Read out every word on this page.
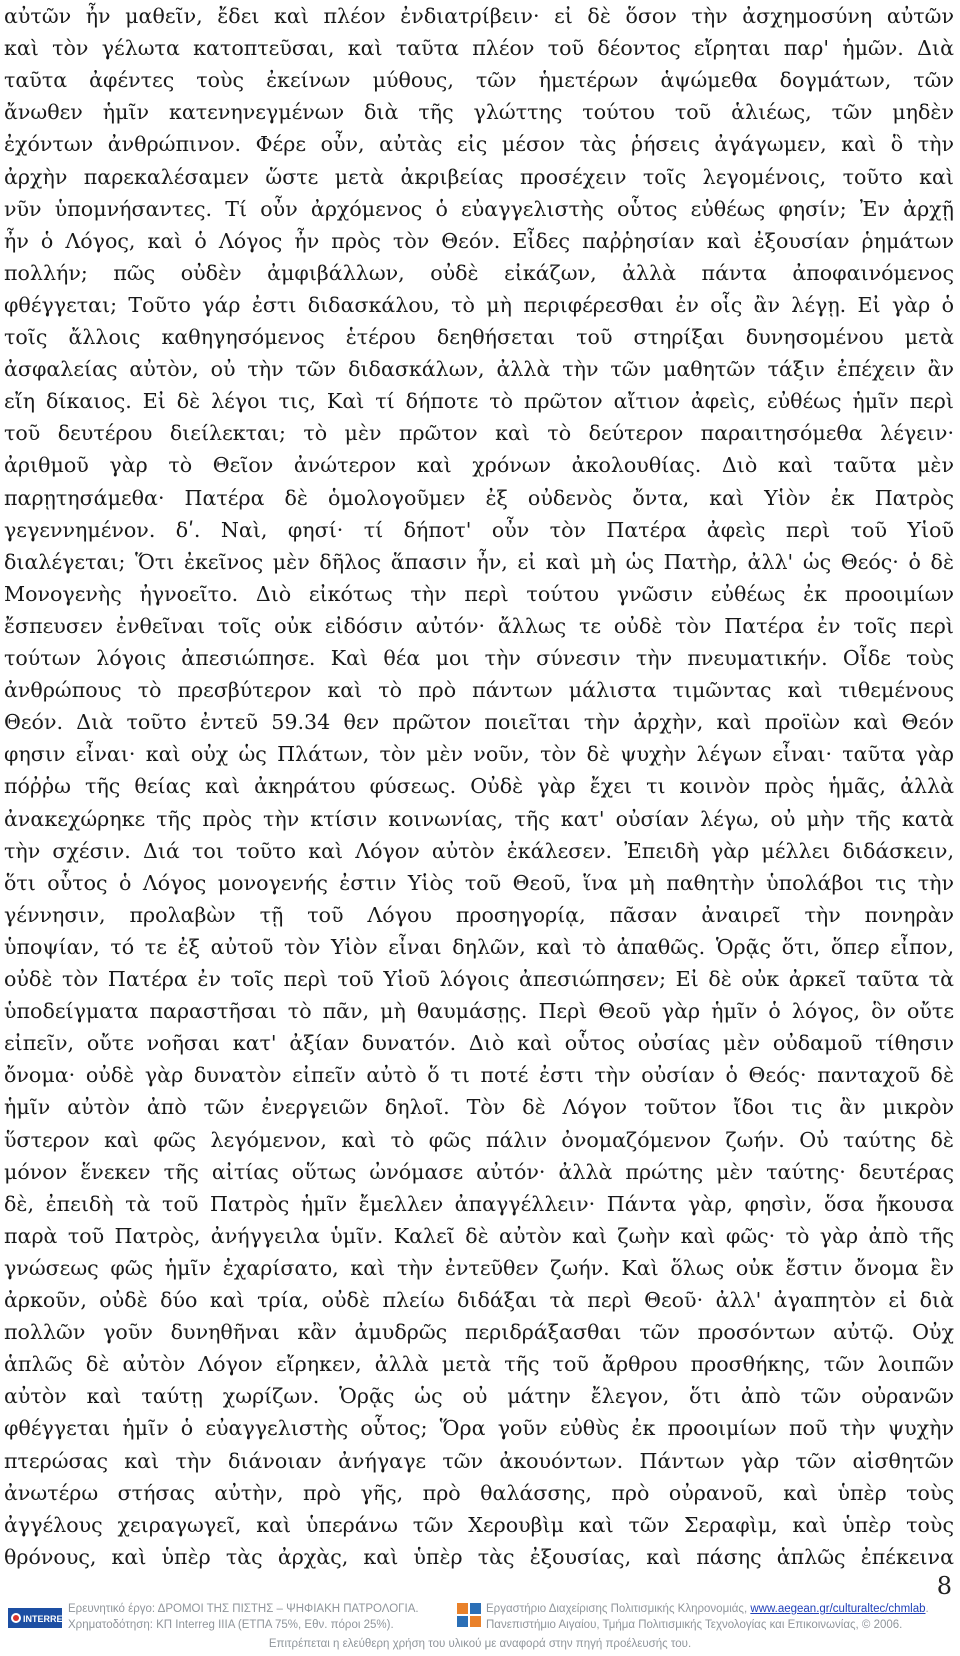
αὐτῶν ἦν μαθεῖν, ἔδει καὶ πλέον ἐνδιατρίβειν· εἰ δὲ ὅσον τὴν ἀσχημοσύνη αὐτῶν
καὶ τὸν γέλωτα κατοπτεῦσαι, καὶ ταῦτα πλέον τοῦ δέοντος εἴρηται παρ' ἡμῶν. Διὰ
ταῦτα ἀφέντες τοὺς ἐκείνων μύθους, τῶν ἡμετέρων ἁψώμεθα δογμάτων, τῶν
ἄνωθεν ἡμῖν κατενηνεγμένων διὰ τῆς γλώττης τούτου τοῦ ἁλιέως, τῶν μηδὲν
ἐχόντων ἀνθρώπινον. Φέρε οὖν, αὐτὰς εἰς μέσον τὰς ῥήσεις ἀγάγωμεν, καὶ ὃ τὴν
ἀρχὴν παρεκαλέσαμεν ὥστε μετὰ ἀκριβείας προσέχειν τοῖς λεγομένοις, τοῦτο καὶ
νῦν ὑπομνήσαντες. Τί οὖν ἀρχόμενος ὁ εὐαγγελιστὴς οὗτος εὐθέως φησίν; Ἐν ἀρχῇ
ἦν ὁ Λόγος, καὶ ὁ Λόγος ἦν πρὸς τὸν Θεόν. Εἶδες παῤῥησίαν καὶ ἐξουσίαν ῥημάτων
πολλήν; πῶς οὐδὲν ἀμφιβάλλων, οὐδὲ εἰκάζων, ἀλλὰ πάντα ἀποφαινόμενος
φθέγγεται; Τοῦτο γάρ ἐστι διδασκάλου, τὸ μὴ περιφέρεσθαι ἐν οἷς ἂν λέγῃ. Εἰ γὰρ ὁ
τοῖς ἄλλοις καθηγησόμενος ἑτέρου δεηθήσεται τοῦ στηρίξαι δυνησομένου μετὰ
ἀσφαλείας αὐτὸν, οὐ τὴν τῶν διδασκάλων, ἀλλὰ τὴν τῶν μαθητῶν τάξιν ἐπέχειν ἂν
εἴη δίκαιος. Εἰ δὲ λέγοι τις, Καὶ τί δήποτε τὸ πρῶτον αἴτιον ἀφεὶς, εὐθέως ἡμῖν περὶ
τοῦ δευτέρου διείλεκται; τὸ μὲν πρῶτον καὶ τὸ δεύτερον παραιτησόμεθα λέγειν·
ἀριθμοῦ γὰρ τὸ Θεῖον ἀνώτερον καὶ χρόνων ἀκολουθίας. Διὸ καὶ ταῦτα μὲν
παρῃτησάμεθα· Πατέρα δὲ ὁμολογοῦμεν ἐξ οὐδενὸς ὄντα, καὶ Υἱὸν ἐκ Πατρὸς
γεγεννημένον. δʹ. Ναὶ, φησί· τί δήποτ' οὖν τὸν Πατέρα ἀφεὶς περὶ τοῦ Υἱοῦ
διαλέγεται; Ὅτι ἐκεῖνος μὲν δῆλος ἅπασιν ἦν, εἰ καὶ μὴ ὡς Πατὴρ, ἀλλ' ὡς Θεός· ὁ δὲ
Μονογενὴς ἠγνοεῖτο. Διὸ εἰκότως τὴν περὶ τούτου γνῶσιν εὐθέως ἐκ προοιμίων
ἔσπευσεν ἐνθεῖναι τοῖς οὐκ εἰδόσιν αὐτόν· ἄλλως τε οὐδὲ τὸν Πατέρα ἐν τοῖς περὶ
τούτων λόγοις ἀπεσιώπησε. Καὶ θέα μοι τὴν σύνεσιν τὴν πνευματικήν. Οἶδε τοὺς
ἀνθρώπους τὸ πρεσβύτερον καὶ τὸ πρὸ πάντων μάλιστα τιμῶντας καὶ τιθεμένους
Θεόν. Διὰ τοῦτο ἐντεῦ 59.34 θεν πρῶτον ποιεῖται τὴν ἀρχὴν, καὶ προϊὼν καὶ Θεόν
φησιν εἶναι· καὶ οὐχ ὡς Πλάτων, τὸν μὲν νοῦν, τὸν δὲ ψυχὴν λέγων εἶναι· ταῦτα γὰρ
πόῤῥω τῆς θείας καὶ ἀκηράτου φύσεως. Οὐδὲ γὰρ ἔχει τι κοινὸν πρὸς ἡμᾶς, ἀλλὰ
ἀνακεχώρηκε τῆς πρὸς τὴν κτίσιν κοινωνίας, τῆς κατ' οὐσίαν λέγω, οὐ μὴν τῆς κατὰ
τὴν σχέσιν. Διά τοι τοῦτο καὶ Λόγον αὐτὸν ἐκάλεσεν. Ἐπειδὴ γὰρ μέλλει διδάσκειν,
ὅτι οὗτος ὁ Λόγος μονογενής ἐστιν Υἱὸς τοῦ Θεοῦ, ἵνα μὴ παθητὴν ὑπολάβοι τις τὴν
γέννησιν, προλαβὼν τῇ τοῦ Λόγου προσηγορίᾳ, πᾶσαν ἀναιρεῖ τὴν πονηρὰν
ὑποψίαν, τό τε ἐξ αὐτοῦ τὸν Υἱὸν εἶναι δηλῶν, καὶ τὸ ἀπαθῶς. Ὁρᾷς ὅτι, ὅπερ εἶπον,
οὐδὲ τὸν Πατέρα ἐν τοῖς περὶ τοῦ Υἱοῦ λόγοις ἀπεσιώπησεν; Εἰ δὲ οὐκ ἀρκεῖ ταῦτα τὰ
ὑποδείγματα παραστῆσαι τὸ πᾶν, μὴ θαυμάσῃς. Περὶ Θεοῦ γὰρ ἡμῖν ὁ λόγος, ὃν οὔτε
εἰπεῖν, οὔτε νοῆσαι κατ' ἀξίαν δυνατόν. Διὸ καὶ οὗτος οὐσίας μὲν οὐδαμοῦ τίθησιν
ὄνομα· οὐδὲ γὰρ δυνατὸν εἰπεῖν αὐτὸ ὅ τι ποτέ ἐστι τὴν οὐσίαν ὁ Θεός· πανταχοῦ δὲ
ἡμῖν αὐτὸν ἀπὸ τῶν ἐνεργειῶν δηλοῖ. Τὸν δὲ Λόγον τοῦτον ἴδοι τις ἂν μικρὸν
ὕστερον καὶ φῶς λεγόμενον, καὶ τὸ φῶς πάλιν ὀνομαζόμενον ζωήν. Οὐ ταύτης δὲ
μόνον ἕνεκεν τῆς αἰτίας οὕτως ὠνόμασε αὐτόν· ἀλλὰ πρώτης μὲν ταύτης· δευτέρας
δὲ, ἐπειδὴ τὰ τοῦ Πατρὸς ἡμῖν ἔμελλεν ἀπαγγέλλειν· Πάντα γὰρ, φησὶν, ὅσα ἤκουσα
παρὰ τοῦ Πατρὸς, ἀνήγγειλα ὑμῖν. Καλεῖ δὲ αὐτὸν καὶ ζωὴν καὶ φῶς· τὸ γὰρ ἀπὸ τῆς
γνώσεως φῶς ἡμῖν ἐχαρίσατο, καὶ τὴν ἐντεῦθεν ζωήν. Καὶ ὅλως οὐκ ἔστιν ὄνομα ἓν
ἀρκοῦν, οὐδὲ δύο καὶ τρία, οὐδὲ πλείω διδάξαι τὰ περὶ Θεοῦ· ἀλλ' ἀγαπητὸν εἰ διὰ
πολλῶν γοῦν δυνηθῆναι κἂν ἀμυδρῶς περιδράξασθαι τῶν προσόντων αὐτῷ. Οὐχ
ἁπλῶς δὲ αὐτὸν Λόγον εἴρηκεν, ἀλλὰ μετὰ τῆς τοῦ ἄρθρου προσθήκης, τῶν λοιπῶν
αὐτὸν καὶ ταύτῃ χωρίζων. Ὁρᾷς ὡς οὐ μάτην ἔλεγον, ὅτι ἀπὸ τῶν οὐρανῶν
φθέγγεται ἡμῖν ὁ εὐαγγελιστὴς οὗτος; Ὅρα γοῦν εὐθὺς ἐκ προοιμίων ποῦ τὴν ψυχὴν
πτερώσας καὶ τὴν διάνοιαν ἀνήγαγε τῶν ἀκουόντων. Πάντων γὰρ τῶν αἰσθητῶν
ἀνωτέρω στήσας αὐτὴν, πρὸ γῆς, πρὸ θαλάσσης, πρὸ οὐρανοῦ, καὶ ὑπὲρ τοὺς
ἀγγέλους χειραγωγεῖ, καὶ ὑπεράνω τῶν Χερουβὶμ καὶ τῶν Σεραφὶμ, καὶ ὑπὲρ τοὺς
θρόνους, καὶ ὑπὲρ τὰς ἀρχὰς, καὶ ὑπὲρ τὰς ἐξουσίας, καὶ πάσης ἁπλῶς ἐπέκεινα
8
INTERREG
Ερευνητικό έργο: ΔΡΟΜΟΙ ΤΗΣ ΠΙΣΤΗΣ – ΨΗΦΙΑΚΗ ΠΑΤΡΟΛΟΓΙΑ.
Χρηματοδότηση: ΚΠ Interreg IIIA (ΕΤΠΑ 75%, Εθν. πόροι 25%).
Εργαστήριο Διαχείρισης Πολιτισμικής Κληρονομιάς, www.aegean.gr/culturaltec/chmlab.
Πανεπιστήμιο Αιγαίου, Τμήμα Πολιτισμικής Τεχνολογίας και Επικοινωνίας, © 2006.
Επιτρέπεται η ελεύθερη χρήση του υλικού με αναφορά στην πηγή προέλευσής του.
